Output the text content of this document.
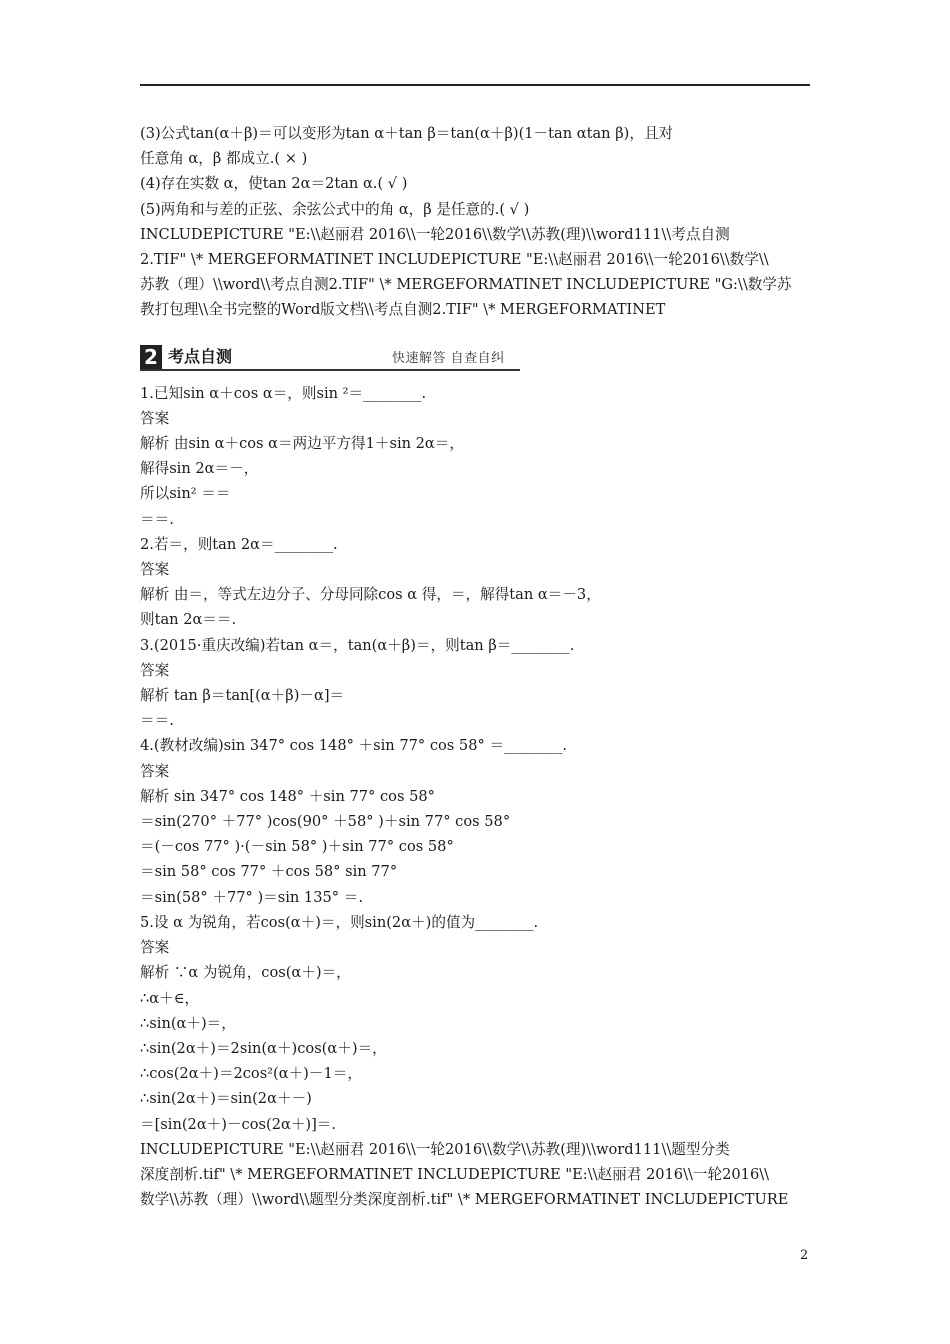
(3)公式tan(α＋β)＝可以变形为tan α＋tan β＝tan(α＋β)(1－tan αtan β)，且对
任意角 α，β 都成立.( × )
(4)存在实数 α，使tan 2α＝2tan α.( √ )
(5)两角和与差的正弦、余弦公式中的角 α，β 是任意的.( √ )
INCLUDEPICTURE "E:\\赵丽君 2016\\一轮2016\\数学\\苏教(理)\\word111\\考点自测
2.TIF" \* MERGEFORMATINET INCLUDEPICTURE "E:\\赵丽君 2016\\一轮2016\\数学\\
苏教（理）\\word\\考点自测2.TIF" \* MERGEFORMATINET INCLUDEPICTURE "G:\\数学苏
教打包理\\全书完整的Word版文档\\考点自测2.TIF" \* MERGEFORMATINET
2 考点自测	快速解答 自查自纠
1.已知sin α＋cos α＝，则sin ²＝________.
答案
解析 由sin α＋cos α＝两边平方得1＋sin 2α＝，
解得sin 2α＝－，
所以sin² ＝＝
＝＝.
2.若＝，则tan 2α＝________.
答案
解析 由＝，等式左边分子、分母同除cos α 得，＝，解得tan α＝－3，
则tan 2α＝＝.
3.(2015·重庆改编)若tan α＝，tan(α＋β)＝，则tan β＝________.
答案
解析 tan β＝tan[(α＋β)－α]＝
＝＝.
4.(教材改编)sin 347° cos 148° ＋sin 77° cos 58° ＝________.
答案
解析 sin 347° cos 148° ＋sin 77° cos 58°
＝sin(270° ＋77° )cos(90° ＋58° )＋sin 77° cos 58°
＝(－cos 77° )·(－sin 58° )＋sin 77° cos 58°
＝sin 58° cos 77° ＋cos 58° sin 77°
＝sin(58° ＋77° )＝sin 135° ＝.
5.设 α 为锐角，若cos(α＋)＝，则sin(2α＋)的值为________.
答案
解析 ∵α 为锐角，cos(α＋)＝，
∴α＋∈，
∴sin(α＋)＝，
∴sin(2α＋)＝2sin(α＋)cos(α＋)＝，
∴cos(2α＋)＝2cos²(α＋)－1＝，
∴sin(2α＋)＝sin(2α＋－)
＝[sin(2α＋)－cos(2α＋)]＝.
INCLUDEPICTURE "E:\\赵丽君 2016\\一轮2016\\数学\\苏教(理)\\word111\\题型分类
深度剖析.tif" \* MERGEFORMATINET INCLUDEPICTURE "E:\\赵丽君 2016\\一轮2016\\
数学\\苏教（理）\\word\\题型分类深度剖析.tif" \* MERGEFORMATINET INCLUDEPICTURE
2
